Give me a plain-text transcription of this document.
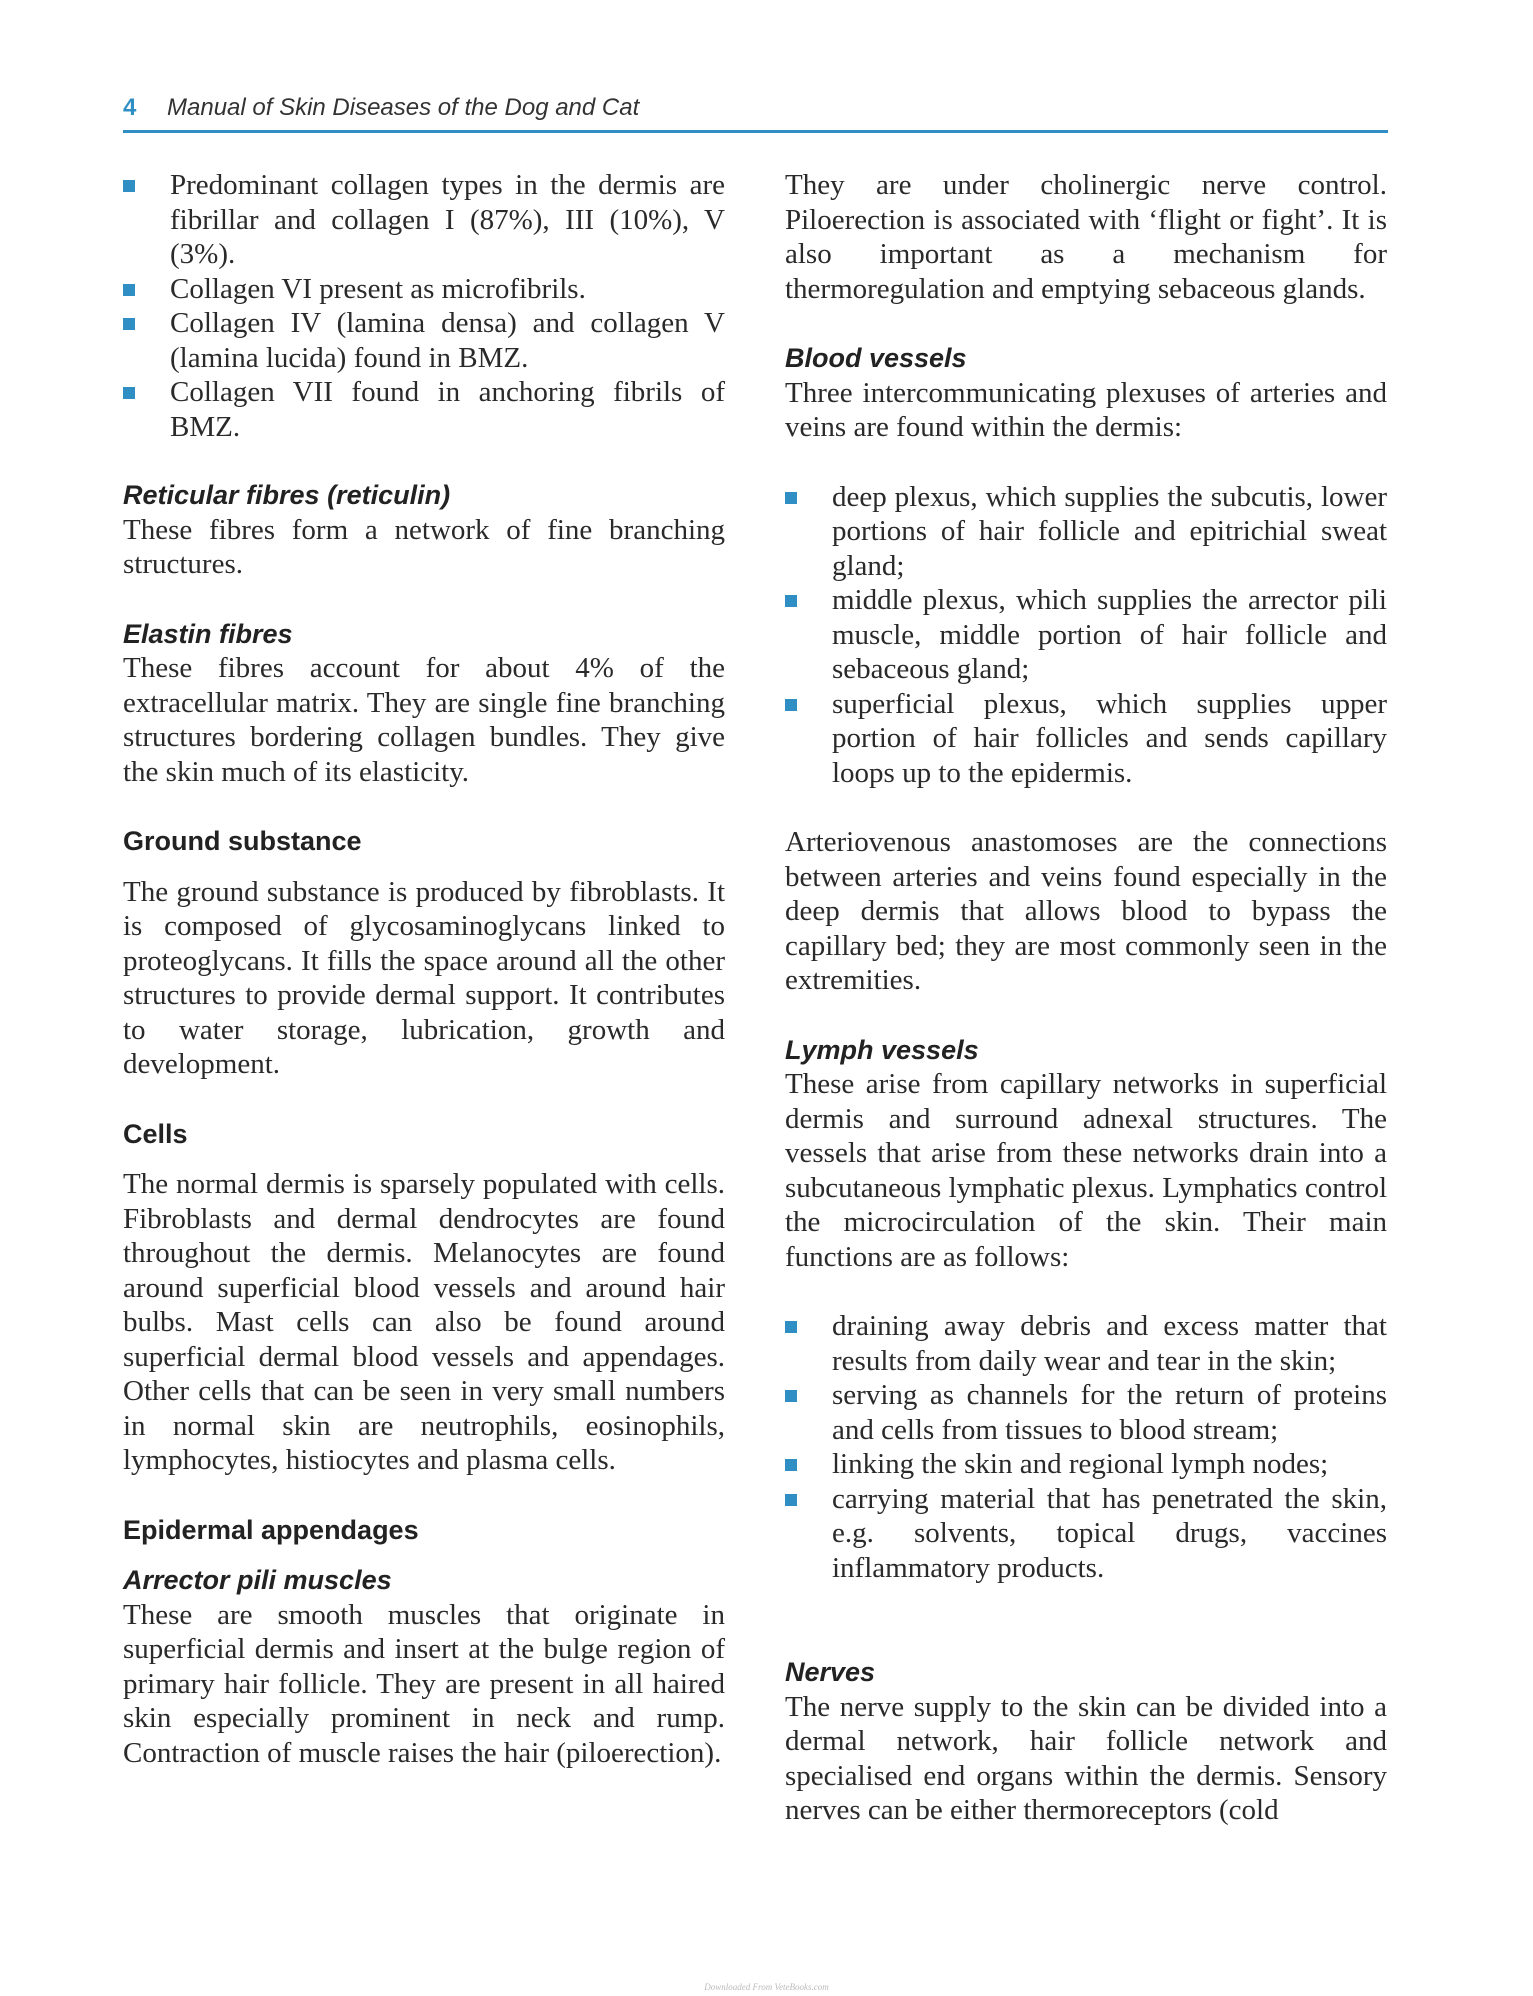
4 Manual of Skin Diseases of the Dog and Cat
Predominant collagen types in the dermis are fibrillar and collagen I (87%), III (10%), V (3%).
Collagen VI present as microfibrils.
Collagen IV (lamina densa) and collagen V (lamina lucida) found in BMZ.
Collagen VII found in anchoring fibrils of BMZ.
Reticular fibres (reticulin)

These fibres form a network of fine branching structures.

Elastin fibres

These fibres account for about 4% of the extracellular matrix. They are single fine branching structures bordering collagen bundles. They give the skin much of its elasticity.

Ground substance

The ground substance is produced by fibroblasts. It is composed of glycosaminoglycans linked to proteoglycans. It fills the space around all the other structures to provide dermal support. It contributes to water storage, lubrication, growth and development.

Cells

The normal dermis is sparsely populated with cells. Fibroblasts and dermal dendrocytes are found throughout the dermis. Melanocytes are found around superficial blood vessels and around hair bulbs. Mast cells can also be found around superficial dermal blood vessels and appendages. Other cells that can be seen in very small numbers in normal skin are neutrophils, eosinophils, lymphocytes, histiocytes and plasma cells.

Epidermal appendages
Arrector pili muscles

These are smooth muscles that originate in superficial dermis and insert at the bulge region of primary hair follicle. They are present in all haired skin especially prominent in neck and rump. Contraction of muscle raises the hair (piloerection).

They are under cholinergic nerve control. Piloerection is associated with ‘flight or fight’. It is also important as a mechanism for thermoregulation and emptying sebaceous glands.

Blood vessels

Three intercommunicating plexuses of arteries and veins are found within the dermis:

deep plexus, which supplies the subcutis, lower portions of hair follicle and epitrichial sweat gland;
middle plexus, which supplies the arrector pili muscle, middle portion of hair follicle and sebaceous gland;
superficial plexus, which supplies upper portion of hair follicles and sends capillary loops up to the epidermis.

Arteriovenous anastomoses are the connections between arteries and veins found especially in the deep dermis that allows blood to bypass the capillary bed; they are most commonly seen in the extremities.

Lymph vessels

These arise from capillary networks in superficial dermis and surround adnexal structures. The vessels that arise from these networks drain into a subcutaneous lymphatic plexus. Lymphatics control the microcirculation of the skin. Their main functions are as follows:

draining away debris and excess matter that results from daily wear and tear in the skin;
serving as channels for the return of proteins and cells from tissues to blood stream;
linking the skin and regional lymph nodes;
carrying material that has penetrated the skin, e.g. solvents, topical drugs, vaccines inflammatory products.
Nerves

The nerve supply to the skin can be divided into a dermal network, hair follicle network and specialised end organs within the dermis. Sensory nerves can be either thermoreceptors (cold

Downloaded From VeteBooks.com
